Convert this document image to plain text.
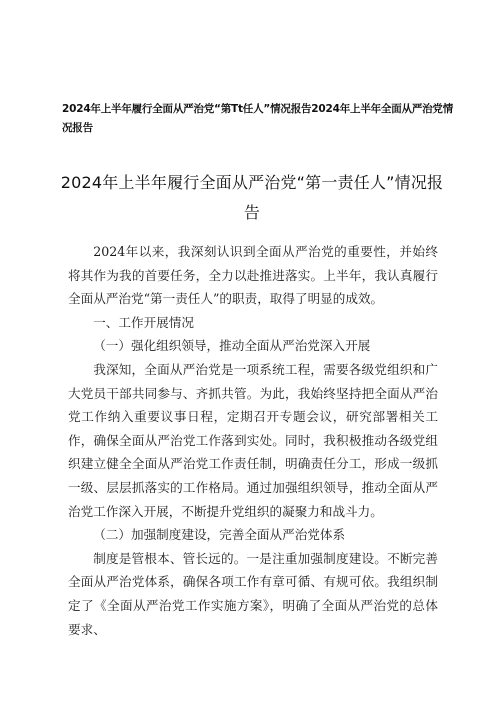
2024年上半年履行全面从严治党“第Tt任人”情况报告2024年上半年全面从严治党情况报告
2024年上半年履行全面从严治党“第一责任人”情况报告

2024年以来，我深刻认识到全面从严治党的重要性，并始终将其作为我的首要任务，全力以赴推进落实。上半年，我认真履行全面从严治党“第一责任人”的职责，取得了明显的成效。

一、工作开展情况

（一）强化组织领导，推动全面从严治党深入开展

我深知，全面从严治党是一项系统工程，需要各级党组织和广大党员干部共同参与、齐抓共管。为此，我始终坚持把全面从严治党工作纳入重要议事日程，定期召开专题会议，研究部署相关工作，确保全面从严治党工作落到实处。同时，我积极推动各级党组织建立健全全面从严治党工作责任制，明确责任分工，形成一级抓一级、层层抓落实的工作格局。通过加强组织领导，推动全面从严治党工作深入开展，不断提升党组织的凝聚力和战斗力。

（二）加强制度建设，完善全面从严治党体系

制度是管根本、管长远的。一是注重加强制度建设。不断完善全面从严治党体系，确保各项工作有章可循、有规可依。我组织制定了《全面从严治党工作实施方案》，明确了全面从严治党的总体要求、
